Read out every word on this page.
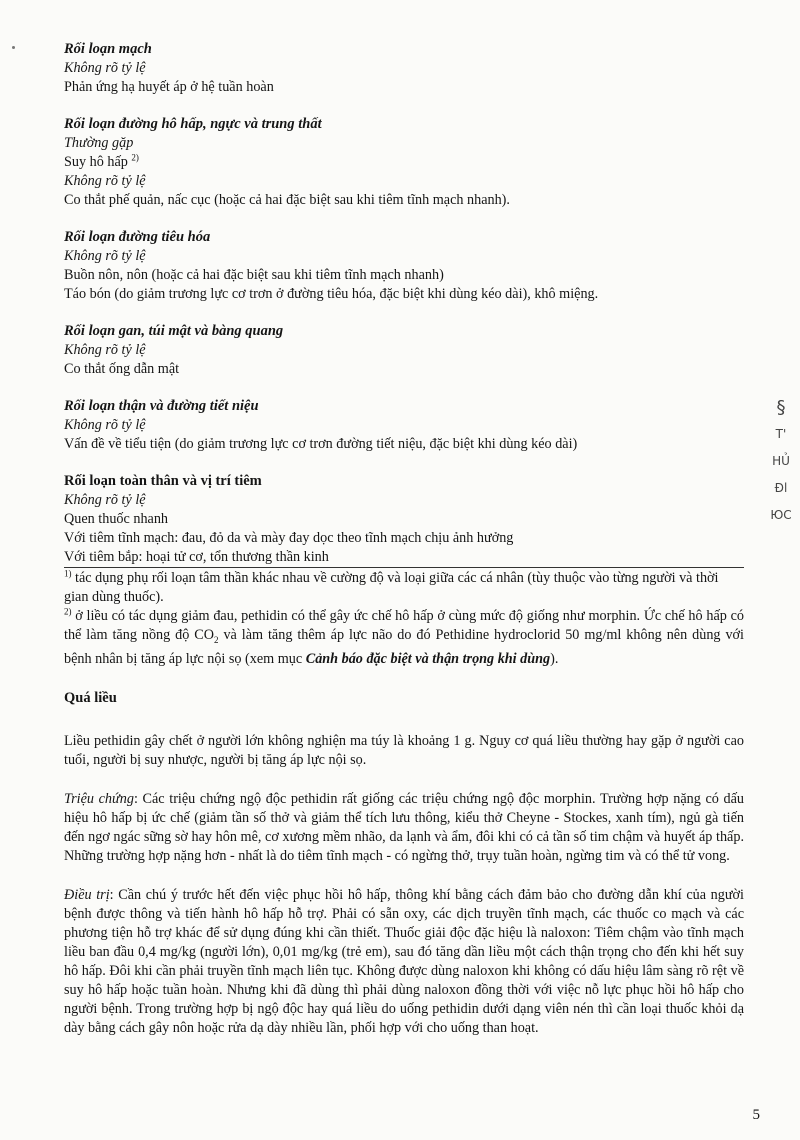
Rối loạn mạch
Không rõ tỷ lệ
Phản ứng hạ huyết áp ở hệ tuần hoàn
Rối loạn đường hô hấp, ngực và trung thất
Thường gặp
Suy hô hấp $^{2)}$
Không rõ tỷ lệ
Co thắt phế quản, nấc cục (hoặc cả hai đặc biệt sau khi tiêm tĩnh mạch nhanh).
Rối loạn đường tiêu hóa
Không rõ tỷ lệ
Buồn nôn, nôn (hoặc cả hai đặc biệt sau khi tiêm tĩnh mạch nhanh)
Táo bón (do giảm trương lực cơ trơn ở đường tiêu hóa, đặc biệt khi dùng kéo dài), khô miệng.
Rối loạn gan, túi mật và bàng quang
Không rõ tỷ lệ
Co thắt ống dẫn mật
Rối loạn thận và đường tiết niệu
Không rõ tỷ lệ
Vấn đề về tiểu tiện (do giảm trương lực cơ trơn đường tiết niệu, đặc biệt khi dùng kéo dài)
Rối loạn toàn thân và vị trí tiêm
Không rõ tỷ lệ
Quen thuốc nhanh
Với tiêm tĩnh mạch: đau, đỏ da và mày đay dọc theo tĩnh mạch chịu ảnh hưởng
Với tiêm bắp: hoại tử cơ, tổn thương thần kinh

$^{1)}$ tác dụng phụ rối loạn tâm thần khác nhau về cường độ và loại giữa các cá nhân (tùy thuộc vào từng người và thời gian dùng thuốc).

$^{2)}$ ở liều có tác dụng giảm đau, pethidin có thể gây ức chế hô hấp ở cùng mức độ giống như morphin. Ức chế hô hấp có thể làm tăng nồng độ $CO_2$ và làm tăng thêm áp lực não do đó Pethidine hydroclorid 50 mg/ml không nên dùng với bệnh nhân bị tăng áp lực nội sọ (xem mục Cảnh báo đặc biệt và thận trọng khi dùng).

Quá liều

Liều pethidin gây chết ở người lớn không nghiện ma túy là khoảng 1 g. Nguy cơ quá liều thường hay gặp ở người cao tuổi, người bị suy nhược, người bị tăng áp lực nội sọ.

Triệu chứng: Các triệu chứng ngộ độc pethidin rất giống các triệu chứng ngộ độc morphin. Trường hợp nặng có dấu hiệu hô hấp bị ức chế (giảm tần số thở và giảm thể tích lưu thông, kiểu thở Cheyne - Stockes, xanh tím), ngủ gà tiến đến ngơ ngác sững sờ hay hôn mê, cơ xương mềm nhão, da lạnh và ẩm, đôi khi có cả tần số tim chậm và huyết áp thấp. Những trường hợp nặng hơn - nhất là do tiêm tĩnh mạch - có ngừng thở, trụy tuần hoàn, ngừng tim và có thể tử vong.

Điều trị: Cần chú ý trước hết đến việc phục hồi hô hấp, thông khí bằng cách đảm bảo cho đường dẫn khí của người bệnh được thông và tiến hành hô hấp hỗ trợ. Phải có sẵn oxy, các dịch truyền tĩnh mạch, các thuốc co mạch và các phương tiện hỗ trợ khác để sử dụng đúng khi cần thiết. Thuốc giải độc đặc hiệu là naloxon: Tiêm chậm vào tĩnh mạch liều ban đầu 0,4 mg/kg (người lớn), 0,01 mg/kg (trẻ em), sau đó tăng dần liều một cách thận trọng cho đến khi hết suy hô hấp. Đôi khi cần phải truyền tĩnh mạch liên tục. Không được dùng naloxon khi không có dấu hiệu lâm sàng rõ rệt về suy hô hấp hoặc tuần hoàn. Nhưng khi đã dùng thì phải dùng naloxon đồng thời với việc nỗ lực phục hồi hô hấp cho người bệnh. Trong trường hợp bị ngộ độc hay quá liều do uống pethidin dưới dạng viên nén thì cần loại thuốc khỏi dạ dày bằng cách gây nôn hoặc rửa dạ dày nhiều lần, phối hợp với cho uống than hoạt.

§
T'
HỦ
Đl
ЮС
5
